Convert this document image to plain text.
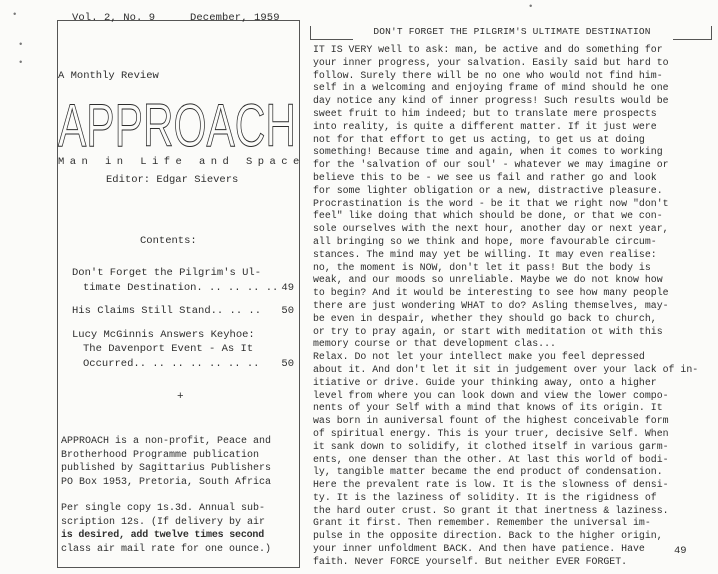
•
•
•
•
Vol. 2, No. 9	December, 1959
A Monthly Review
APPROACH
Man in Life and Space
Editor: Edgar Sievers
Contents:
Don't Forget the Pilgrim's Ul-
timate Destination. .. .. .. .. 49
His Claims Still Stand.. .. .. 50
Lucy McGinnis Answers Keyhoe:
The Davenport Event - As It
Occurred.. .. .. .. .. .. .. 50
+
APPROACH is a non-profit, Peace and
Brotherhood Programme publication
published by Sagittarius Publishers
PO Box 1953, Pretoria, South Africa
Per single copy 1s.3d. Annual sub-
scription 12s. (If delivery by air
is desired, add twelve times second
class air mail rate for one ounce.)
DON'T FORGET THE PILGRIM'S ULTIMATE DESTINATION
IT IS VERY well to ask: man, be active and do something for
your inner progress, your salvation. Easily said but hard to
follow. Surely there will be no one who would not find him-
self in a welcoming and enjoying frame of mind should he one
day notice any kind of inner progress! Such results would be
sweet fruit to him indeed; but to translate mere prospects
into reality, is quite a different matter. If it just were
not for that effort to get us acting, to get us at doing
something! Because time and again, when it comes to working
for the 'salvation of our soul' - whatever we may imagine or
believe this to be - we see us fail and rather go and look
for some lighter obligation or a new, distractive pleasure.
Procrastination is the word - be it that we right now "don't
feel" like doing that which should be done, or that we con-
sole ourselves with the next hour, another day or next year,
all bringing so we think and hope, more favourable circum-
stances. The mind may yet be willing. It may even realise:
no, the moment is NOW, don't let it pass! But the body is
weak, and our moods so unreliable. Maybe we do not know how
to begin? And it would be interesting to see how many people
there are just wondering WHAT to do? Asling themselves, may-
be even in despair, whether they should go back to church,
or try to pray again, or start with meditation ot with this
memory course or that development clas...
Relax. Do not let your intellect make you feel depressed
about it. And don't let it sit in judgement over your lack of in-
itiative or drive. Guide your thinking away, onto a higher
level from where you can look down and view the lower compo-
nents of your Self with a mind that knows of its origin. It
was born in auniversal fount of the highest conceivable form
of spiritual energy. This is your truer, decisive Self. When
it sank down to solidify, it clothed itself in various garm-
ents, one denser than the other. At last this world of bodi-
ly, tangible matter became the end product of condensation.
Here the prevalent rate is low. It is the slowness of densi-
ty. It is the laziness of solidity. It is the rigidness of
the hard outer crust. So grant it that inertness & laziness.
Grant it first. Then remember. Remember the universal im-
pulse in the opposite direction. Back to the higher origin,
your inner unfoldment BACK. And then have patience. Have
faith. Never FORCE yourself. But neither EVER FORGET.
49
